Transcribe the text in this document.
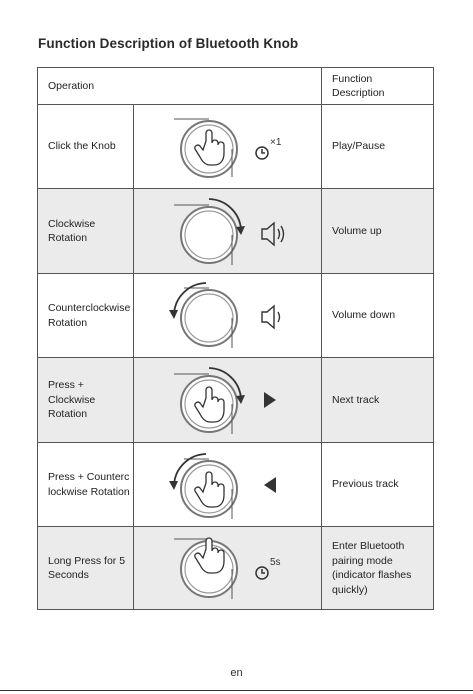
Function Description of Bluetooth Knob
Operation
Function Description
Click the Knob	×1	Play/Pause
Clockwise Rotation
Volume up
Counterclockwise Rotation
Volume down
Press + Clockwise Rotation
Next track
Press + Counterclockwise Rotation
Previous track
Long Press for 5 Seconds
5s
Enter Bluetooth pairing mode (indicator flashes quickly)
en
